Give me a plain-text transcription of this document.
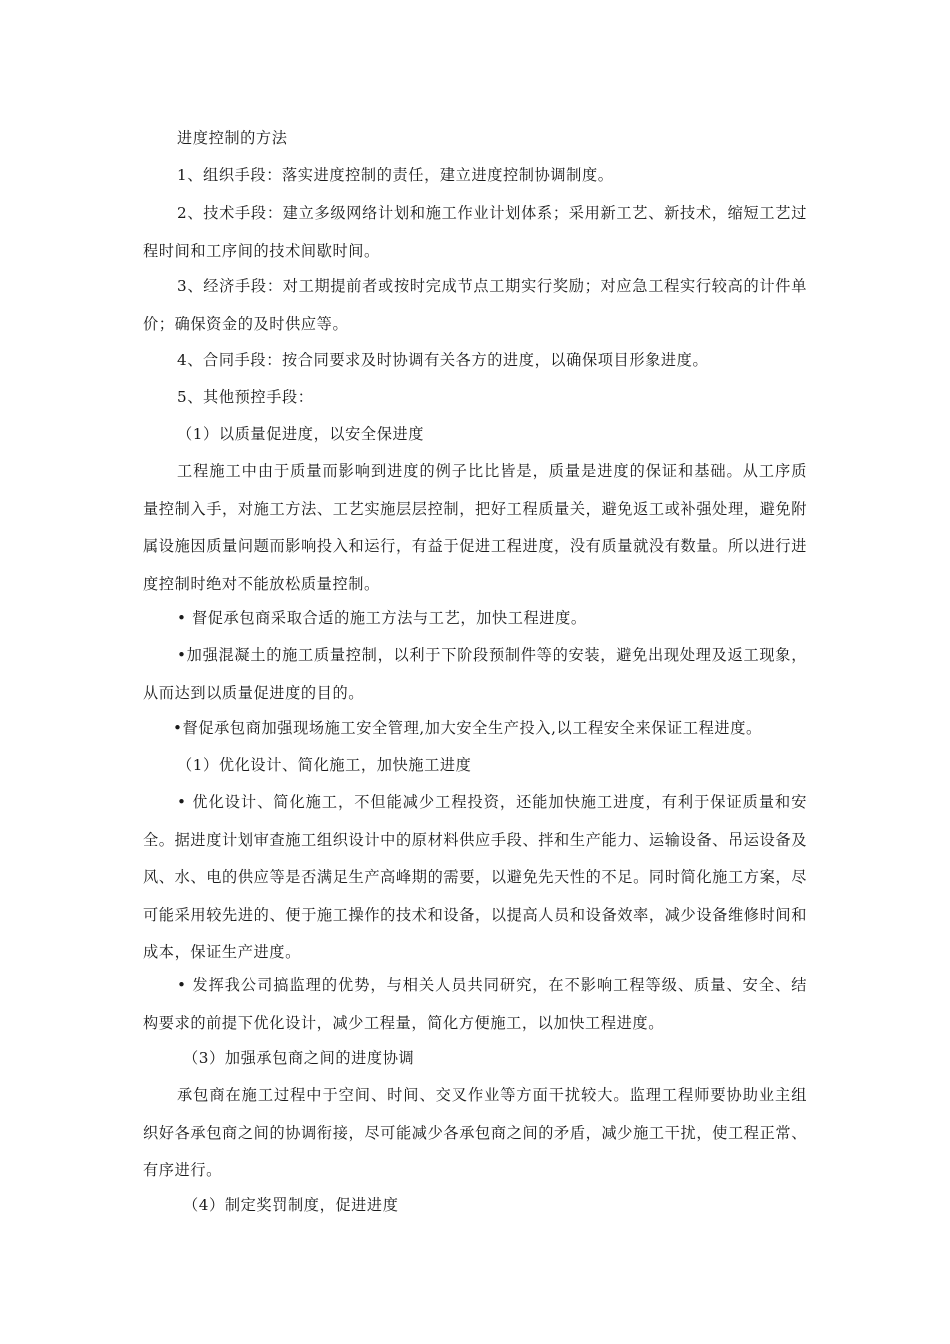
进度控制的方法

1、组织手段：落实进度控制的责任，建立进度控制协调制度。

2、技术手段：建立多级网络计划和施工作业计划体系；采用新工艺、新技术，缩短工艺过程时间和工序间的技术间歇时间。

3、经济手段：对工期提前者或按时完成节点工期实行奖励；对应急工程实行较高的计件单价；确保资金的及时供应等。

4、合同手段：按合同要求及时协调有关各方的进度，以确保项目形象进度。

5、其他预控手段：

（1）以质量促进度，以安全保进度

工程施工中由于质量而影响到进度的例子比比皆是，质量是进度的保证和基础。从工序质量控制入手，对施工方法、工艺实施层层控制，把好工程质量关，避免返工或补强处理，避免附属设施因质量问题而影响投入和运行，有益于促进工程进度，没有质量就没有数量。所以进行进度控制时绝对不能放松质量控制。

• 督促承包商采取合适的施工方法与工艺，加快工程进度。

•加强混凝土的施工质量控制，以利于下阶段预制件等的安装，避免出现处理及返工现象，从而达到以质量促进度的目的。

•督促承包商加强现场施工安全管理,加大安全生产投入,以工程安全来保证工程进度。

（1）优化设计、简化施工，加快施工进度

• 优化设计、简化施工，不但能减少工程投资，还能加快施工进度，有利于保证质量和安全。据进度计划审查施工组织设计中的原材料供应手段、拌和生产能力、运输设备、吊运设备及风、水、电的供应等是否满足生产高峰期的需要，以避免先天性的不足。同时简化施工方案，尽可能采用较先进的、便于施工操作的技术和设备，以提高人员和设备效率，减少设备维修时间和成本，保证生产进度。

• 发挥我公司搞监理的优势，与相关人员共同研究，在不影响工程等级、质量、安全、结构要求的前提下优化设计，减少工程量，简化方便施工，以加快工程进度。

（3）加强承包商之间的进度协调

承包商在施工过程中于空间、时间、交叉作业等方面干扰较大。监理工程师要协助业主组织好各承包商之间的协调衔接，尽可能减少各承包商之间的矛盾，减少施工干扰，使工程正常、有序进行。

（4）制定奖罚制度，促进进度
